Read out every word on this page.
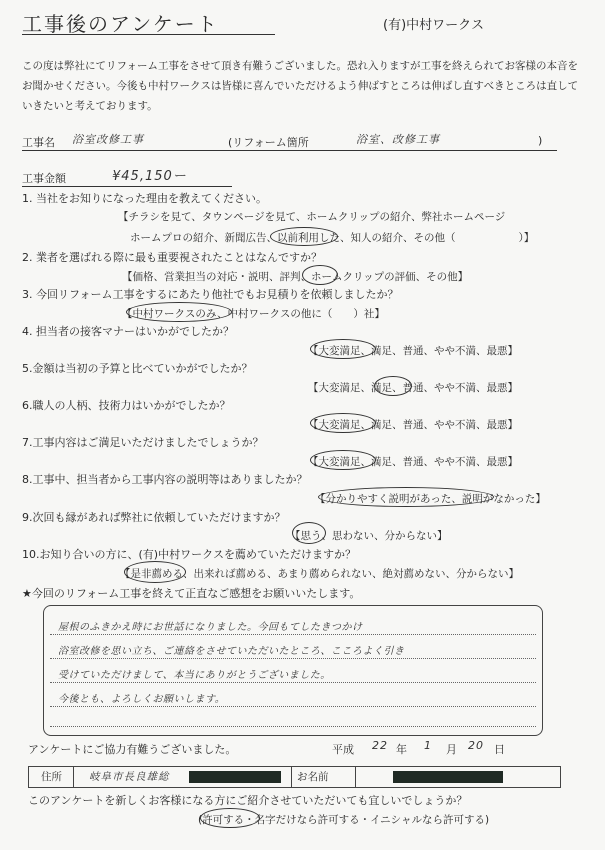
工事後のアンケート	(有)中村ワークス
この度は弊社にてリフォーム工事をさせて頂き有難うございました。恐れ入りますが工事を終えられてお客様の本音をお聞かせください。今後も中村ワークスは皆様に喜んでいただけるよう伸ばすところは伸ばし直すべきところは直していきたいと考えております。
工事名 浴室改修工事	(リフォーム箇所	浴室、改修工事	)
工事金額	¥45,150ー
1. 当社をお知りになった理由を教えてください。
【チラシを見て、タウンページを見て、ホームクリップの紹介、弊社ホームページ
ホームプロの紹介、新聞広告、以前利用した、知人の紹介、その他（　　　　　　）】
2. 業者を選ばれる際に最も重要視されたことはなんですか？
【価格、営業担当の対応・説明、評判、ホームクリップの評価、その他】
3. 今回リフォーム工事をするにあたり他社でもお見積りを依頼しましたか？
【中村ワークスのみ、中村ワークスの他に（　　）社】
4. 担当者の接客マナーはいかがでしたか？
【大変満足、満足、普通、やや不満、最悪】
5.金額は当初の予算と比べていかがでしたか？
【大変満足、満足、普通、やや不満、最悪】
6.職人の人柄、技術力はいかがでしたか？
【大変満足、満足、普通、やや不満、最悪】
7.工事内容はご満足いただけましたでしょうか？
【大変満足、満足、普通、やや不満、最悪】
8.工事中、担当者から工事内容の説明等はありましたか？
【分かりやすく説明があった、説明がなかった】
9.次回も縁があれば弊社に依頼していただけますか？
【思う、思わない、分からない】
10.お知り合いの方に、(有)中村ワークスを薦めていただけますか？
【是非薦める、出来れば薦める、あまり薦められない、絶対薦めない、分からない】
★今回のリフォーム工事を終えて正直なご感想をお願いいたします。
屋根のふきかえ時にお世話になりました。今回もてしたきつかけ
浴室改修を思い立ち、ご連絡をさせていただいたところ、こころよく引き
受けていただけまして、本当にありがとうございました。
今後とも、よろしくお願いします。
アンケートにご協力有難うございました。	平成 22 年 1 月 20 日
住所	岐阜市長良雄総	お名前
このアンケートを新しくお客様になる方にご紹介させていただいても宜しいでしょうか？
(許可する・名字だけなら許可する・イニシャルなら許可する)
